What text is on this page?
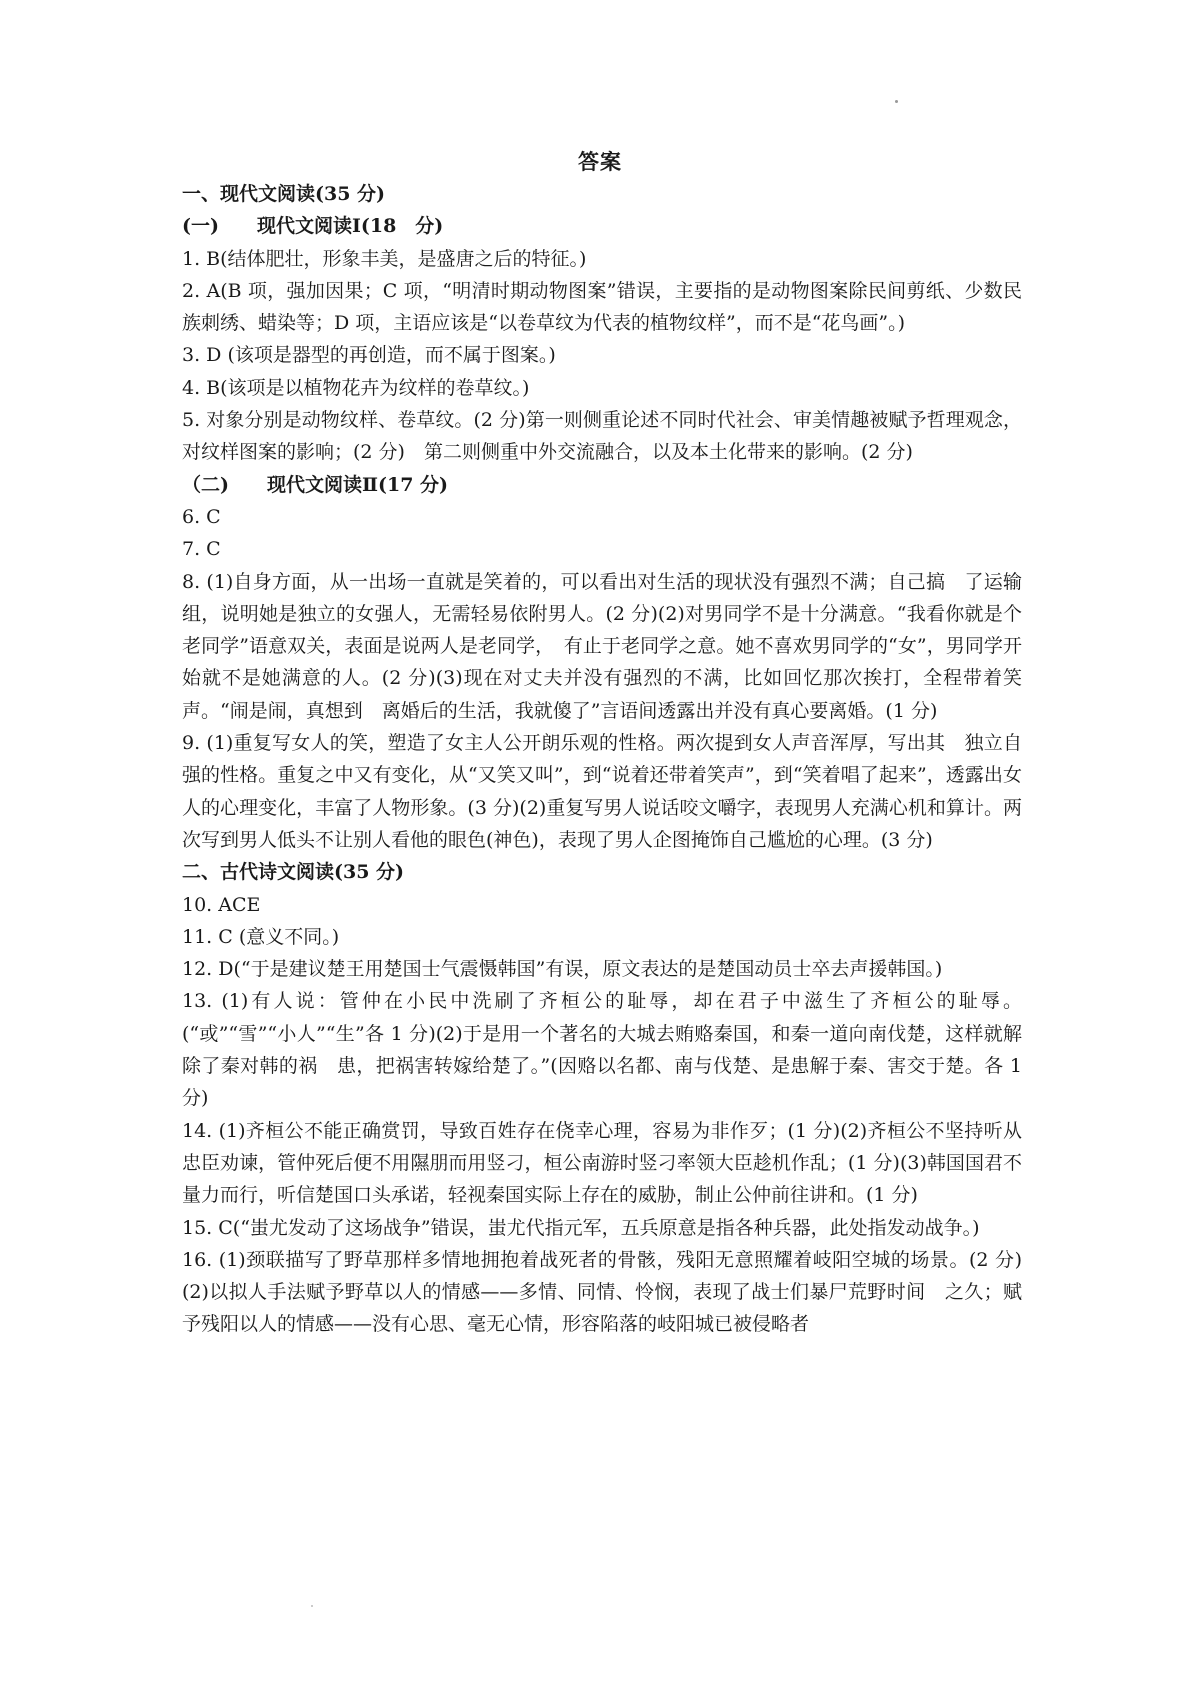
答案

一、现代文阅读(35 分)

(一)　　现代文阅读Ⅰ(18　分)

1. B(结体肥壮，形象丰美，是盛唐之后的特征。)

2. A(B 项，强加因果；C 项，“明清时期动物图案”错误，主要指的是动物图案除民间剪纸、少数民族刺绣、蜡染等；D 项，主语应该是“以卷草纹为代表的植物纹样”，而不是“花鸟画”。)

3. D (该项是器型的再创造，而不属于图案。)

4. B(该项是以植物花卉为纹样的卷草纹。)

5. 对象分别是动物纹样、卷草纹。(2 分)第一则侧重论述不同时代社会、审美情趣被赋予哲理观念，对纹样图案的影响；(2 分)　第二则侧重中外交流融合，以及本土化带来的影响。(2 分)

（二)　　现代文阅读Ⅱ(17 分)

6. C

7. C

8. (1)自身方面，从一出场一直就是笑着的，可以看出对生活的现状没有强烈不满；自己搞　了运输组，说明她是独立的女强人，无需轻易依附男人。(2 分)(2)对男同学不是十分满意。“我看你就是个老同学”语意双关，表面是说两人是老同学，　有止于老同学之意。她不喜欢男同学的“女”，男同学开始就不是她满意的人。(2 分)(3)现在对丈夫并没有强烈的不满，比如回忆那次挨打，全程带着笑声。“闹是闹，真想到　离婚后的生活，我就傻了”言语间透露出并没有真心要离婚。(1 分)

9. (1)重复写女人的笑，塑造了女主人公开朗乐观的性格。两次提到女人声音浑厚，写出其　独立自强的性格。重复之中又有变化，从“又笑又叫”，到“说着还带着笑声”，到“笑着唱了起来”，透露出女人的心理变化，丰富了人物形象。(3 分)(2)重复写男人说话咬文嚼字，表现男人充满心机和算计。两次写到男人低头不让别人看他的眼色(神色)，表现了男人企图掩饰自己尴尬的心理。(3 分)

二、古代诗文阅读(35 分)

10. ACE

11. C (意义不同。)

12. D(“于是建议楚王用楚国士气震慑韩国”有误，原文表达的是楚国动员士卒去声援韩国。)

13. (1)有人说：管仲在小民中洗刷了齐桓公的耻辱，却在君子中滋生了齐桓公的耻辱。(“或”“雪”“小人”“生”各 1 分)(2)于是用一个著名的大城去贿赂秦国，和秦一道向南伐楚，这样就解除了秦对韩的祸　患，把祸害转嫁给楚了。”(因赂以名都、南与伐楚、是患解于秦、害交于楚。各 1 分)

14. (1)齐桓公不能正确赏罚，导致百姓存在侥幸心理，容易为非作歹；(1 分)(2)齐桓公不坚持听从忠臣劝谏，管仲死后便不用隰朋而用竖刁，桓公南游时竖刁率领大臣趁机作乱；(1 分)(3)韩国国君不量力而行，听信楚国口头承诺，轻视秦国实际上存在的威胁，制止公仲前往讲和。(1 分)

15. C(“蚩尤发动了这场战争”错误，蚩尤代指元军，五兵原意是指各种兵器，此处指发动战争。)

16. (1)颈联描写了野草那样多情地拥抱着战死者的骨骸，残阳无意照耀着岐阳空城的场景。(2 分)(2)以拟人手法赋予野草以人的情感——多情、同情、怜悯，表现了战士们暴尸荒野时间　之久；赋予残阳以人的情感——没有心思、毫无心情，形容陷落的岐阳城已被侵略者
